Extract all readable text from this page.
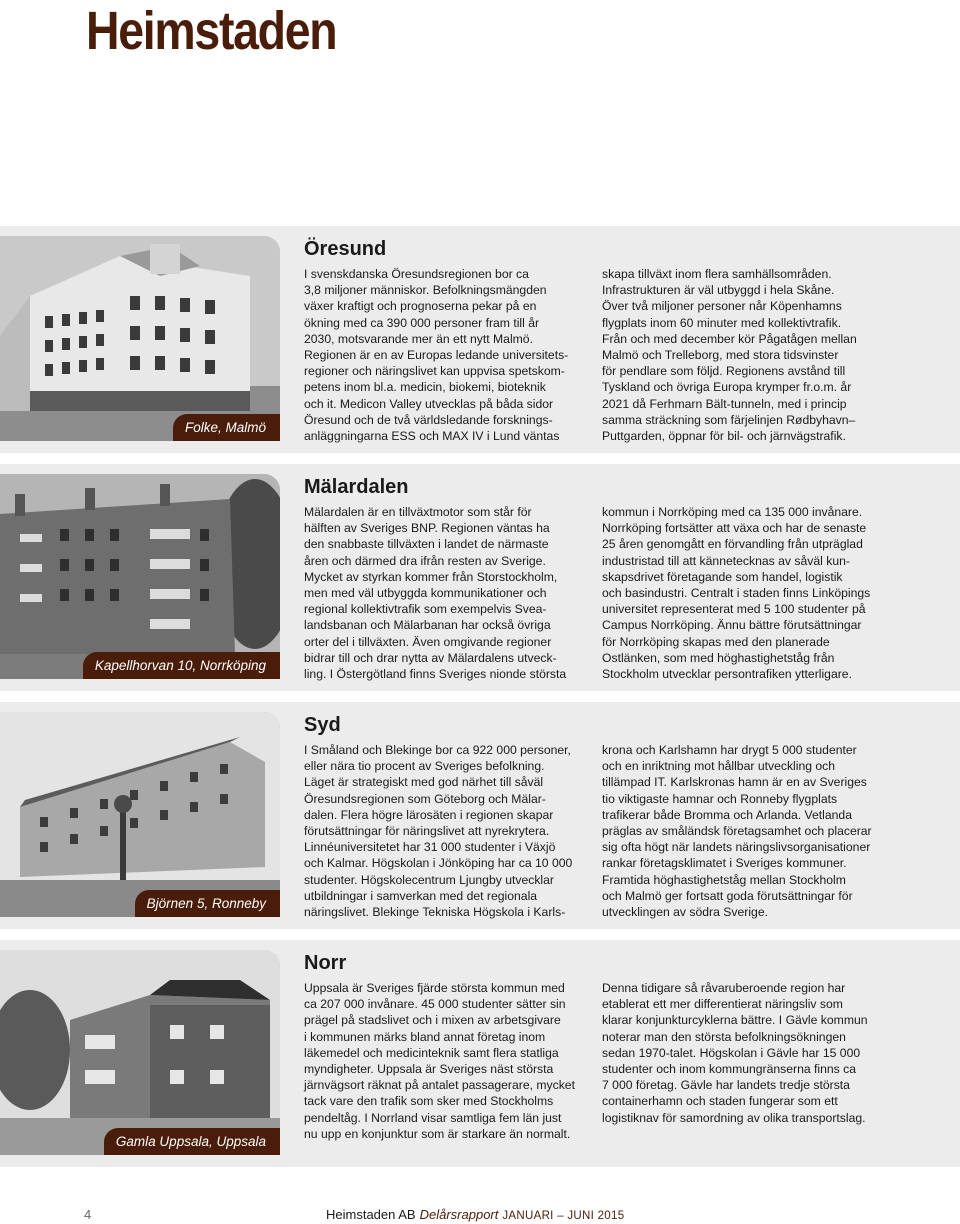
Heimstaden
Folke, Malmö
Öresund
I svenskdanska Öresundsregionen bor ca
3,8 miljoner människor. Befolkningsmängden
växer kraftigt och prognoserna pekar på en
ökning med ca 390 000 personer fram till år
2030, motsvarande mer än ett nytt Malmö.
Regionen är en av Europas ledande universitets-
regioner och näringslivet kan uppvisa spetskom-
petens inom bl.a. medicin, biokemi, bioteknik
och it. Medicon Valley utvecklas på båda sidor
Öresund och de två världsledande forsknings-
anläggningarna ESS och MAX IV i Lund väntas
skapa tillväxt inom flera samhällsområden.
Infrastrukturen är väl utbyggd i hela Skåne.
Över två miljoner personer når Köpenhamns
flygplats inom 60 minuter med kollektivtrafik.
Från och med december kör Pågatågen mellan
Malmö och Trelleborg, med stora tidsvinster
för pendlare som följd. Regionens avstånd till
Tyskland och övriga Europa krymper fr.o.m. år
2021 då Ferhmarn Bält-tunneln, med i princip
samma sträckning som färjelinjen Rødbyhavn–
Puttgarden, öppnar för bil- och järnvägstrafik.
Kapellhorvan 10, Norrköping
Mälardalen
Mälardalen är en tillväxtmotor som står för
hälften av Sveriges BNP. Regionen väntas ha
den snabbaste tillväxten i landet de närmaste
åren och därmed dra ifrån resten av Sverige.
Mycket av styrkan kommer från Storstockholm,
men med väl utbyggda kommunikationer och
regional kollektivtrafik som exempelvis Svea-
landsbanan och Mälarbanan har också övriga
orter del i tillväxten. Även omgivande regioner
bidrar till och drar nytta av Mälardalens utveck-
ling. I Östergötland finns Sveriges nionde största
kommun i Norrköping med ca 135 000 invånare.
Norrköping fortsätter att växa och har de senaste
25 åren genomgått en förvandling från utpräglad
industristad till att kännetecknas av såväl kun-
skapsdrivet företagande som handel, logistik
och basindustri. Centralt i staden finns Linköpings
universitet representerat med 5 100 studenter på
Campus Norrköping. Ännu bättre förutsättningar
för Norrköping skapas med den planerade
Ostlänken, som med höghastighetståg från
Stockholm utvecklar persontrafiken ytterligare.
Björnen 5, Ronneby
Syd
I Småland och Blekinge bor ca 922 000 personer,
eller nära tio procent av Sveriges befolkning.
Läget är strategiskt med god närhet till såväl
Öresundsregionen som Göteborg och Mälar-
dalen. Flera högre lärosäten i regionen skapar
förutsättningar för näringslivet att nyrekrytera.
Linnéuniversitetet har 31 000 studenter i Växjö
och Kalmar. Högskolan i Jönköping har ca 10 000
studenter. Högskolecentrum Ljungby utvecklar
utbildningar i samverkan med det regionala
näringslivet. Blekinge Tekniska Högskola i Karls-
krona och Karlshamn har drygt 5 000 studenter
och en inriktning mot hållbar utveckling och
tillämpad IT. Karlskronas hamn är en av Sveriges
tio viktigaste hamnar och Ronneby flygplats
trafikerar både Bromma och Arlanda. Vetlanda
präglas av småländsk företagsamhet och placerar
sig ofta högt när landets näringslivsorganisationer
rankar företagsklimatet i Sveriges kommuner.
Framtida höghastighetståg mellan Stockholm
och Malmö ger fortsatt goda förutsättningar för
utvecklingen av södra Sverige.
Gamla Uppsala, Uppsala
Norr
Uppsala är Sveriges fjärde största kommun med
ca 207 000 invånare. 45 000 studenter sätter sin
prägel på stadslivet och i mixen av arbetsgivare
i kommunen märks bland annat företag inom
läkemedel och medicinteknik samt flera statliga
myndigheter. Uppsala är Sveriges näst största
järnvägsort räknat på antalet passagerare, mycket
tack vare den trafik som sker med Stockholms
pendeltåg. I Norrland visar samtliga fem län just
nu upp en konjunktur som är starkare än normalt.
Denna tidigare så råvaruberoende region har
etablerat ett mer differentierat näringsliv som
klarar konjunkturcyklerna bättre. I Gävle kommun
noterar man den största befolkningsökningen
sedan 1970-talet. Högskolan i Gävle har 15 000
studenter och inom kommungränserna finns ca
7 000 företag. Gävle har landets tredje största
containerhamn och staden fungerar som ett
logistiknav för samordning av olika transportslag.
4	Heimstaden AB Delårsrapport JANUARI – JUNI 2015
